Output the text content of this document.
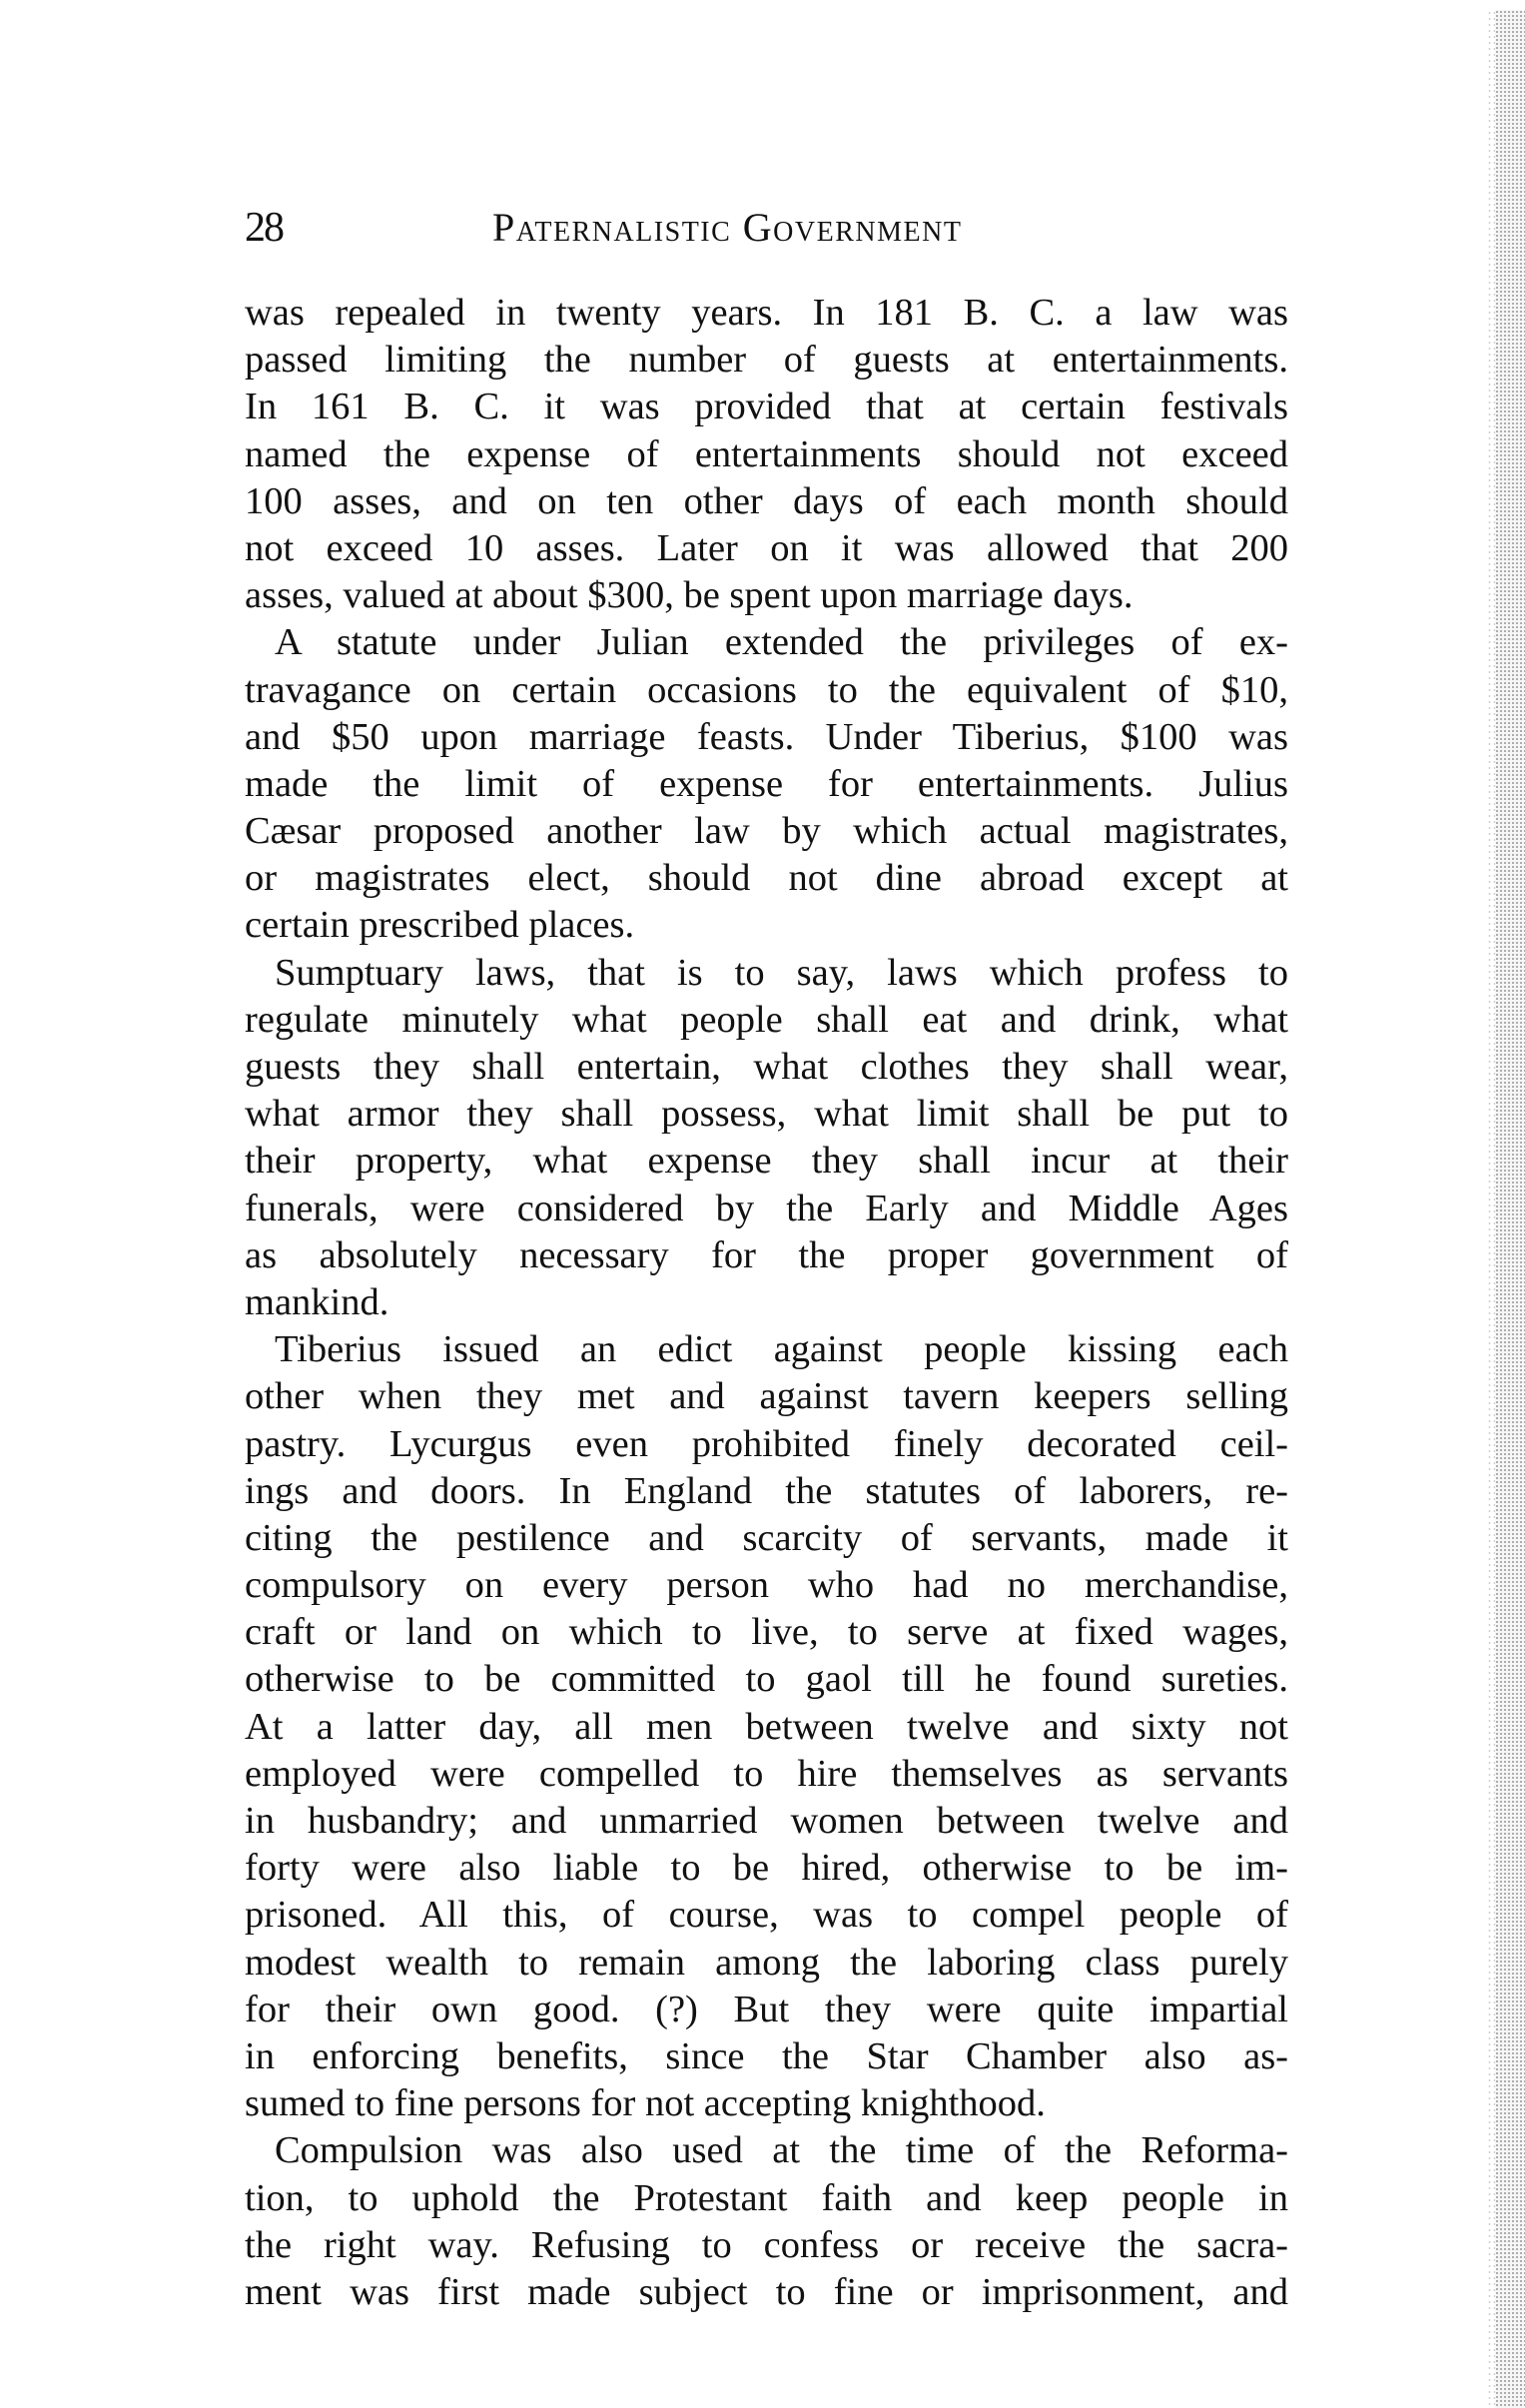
28	Paternalistic Government
was repealed in twenty years. In 181 B. C. a law was
passed limiting the number of guests at entertainments.
In 161 B. C. it was provided that at certain festivals
named the expense of entertainments should not exceed
100 asses, and on ten other days of each month should
not exceed 10 asses. Later on it was allowed that 200
asses, valued at about $300, be spent upon marriage days.
A statute under Julian extended the privileges of ex-
travagance on certain occasions to the equivalent of $10,
and $50 upon marriage feasts. Under Tiberius, $100 was
made the limit of expense for entertainments. Julius
Cæsar proposed another law by which actual magistrates,
or magistrates elect, should not dine abroad except at
certain prescribed places.
Sumptuary laws, that is to say, laws which profess to
regulate minutely what people shall eat and drink, what
guests they shall entertain, what clothes they shall wear,
what armor they shall possess, what limit shall be put to
their property, what expense they shall incur at their
funerals, were considered by the Early and Middle Ages
as absolutely necessary for the proper government of
mankind.
Tiberius issued an edict against people kissing each
other when they met and against tavern keepers selling
pastry. Lycurgus even prohibited finely decorated ceil-
ings and doors. In England the statutes of laborers, re-
citing the pestilence and scarcity of servants, made it
compulsory on every person who had no merchandise,
craft or land on which to live, to serve at fixed wages,
otherwise to be committed to gaol till he found sureties.
At a latter day, all men between twelve and sixty not
employed were compelled to hire themselves as servants
in husbandry; and unmarried women between twelve and
forty were also liable to be hired, otherwise to be im-
prisoned. All this, of course, was to compel people of
modest wealth to remain among the laboring class purely
for their own good. (?) But they were quite impartial
in enforcing benefits, since the Star Chamber also as-
sumed to fine persons for not accepting knighthood.
Compulsion was also used at the time of the Reforma-
tion, to uphold the Protestant faith and keep people in
the right way. Refusing to confess or receive the sacra-
ment was first made subject to fine or imprisonment, and
